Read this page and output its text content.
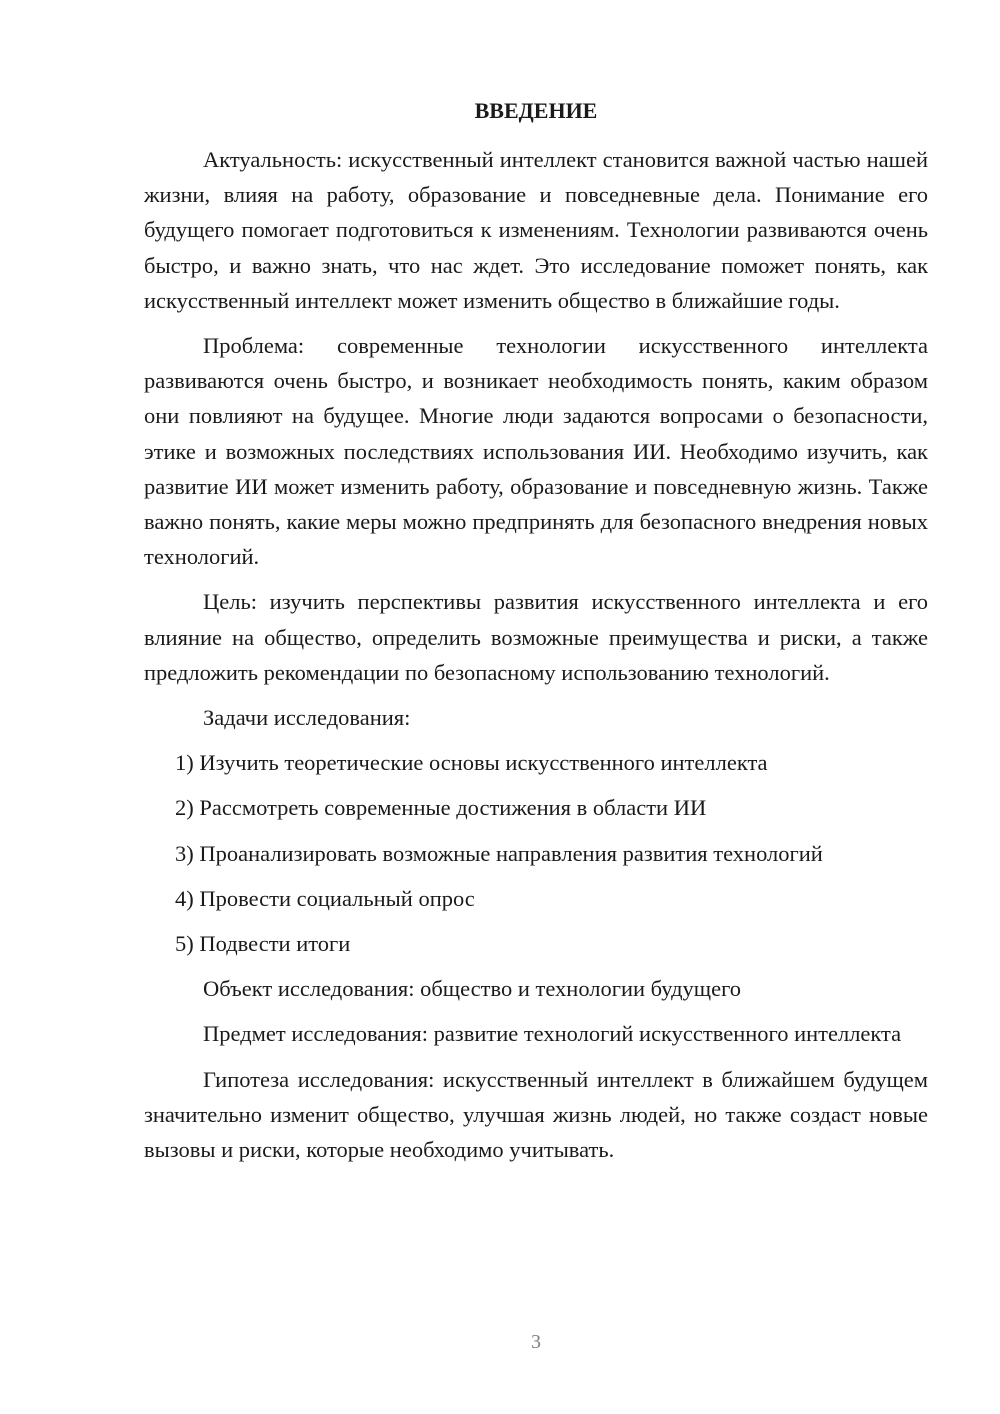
ВВЕДЕНИЕ

Актуальность: искусственный интеллект становится важной частью нашей жизни, влияя на работу, образование и повседневные дела. Понимание его будущего помогает подготовиться к изменениям. Технологии развиваются очень быстро, и важно знать, что нас ждет. Это исследование поможет понять, как искусственный интеллект может изменить общество в ближайшие годы.

Проблема: современные технологии искусственного интеллекта развиваются очень быстро, и возникает необходимость понять, каким образом они повлияют на будущее. Многие люди задаются вопросами о безопасности, этике и возможных последствиях использования ИИ. Необходимо изучить, как развитие ИИ может изменить работу, образование и повседневную жизнь. Также важно понять, какие меры можно предпринять для безопасного внедрения новых технологий.

Цель: изучить перспективы развития искусственного интеллекта и его влияние на общество, определить возможные преимущества и риски, а также предложить рекомендации по безопасному использованию технологий.

Задачи исследования:

1) Изучить теоретические основы искусственного интеллекта

2) Рассмотреть современные достижения в области ИИ

3) Проанализировать возможные направления развития технологий

4) Провести социальный опрос

5) Подвести итоги

Объект исследования: общество и технологии будущего

Предмет исследования: развитие технологий искусственного интеллекта

Гипотеза исследования: искусственный интеллект в ближайшем будущем значительно изменит общество, улучшая жизнь людей, но также создаст новые вызовы и риски, которые необходимо учитывать.

3
